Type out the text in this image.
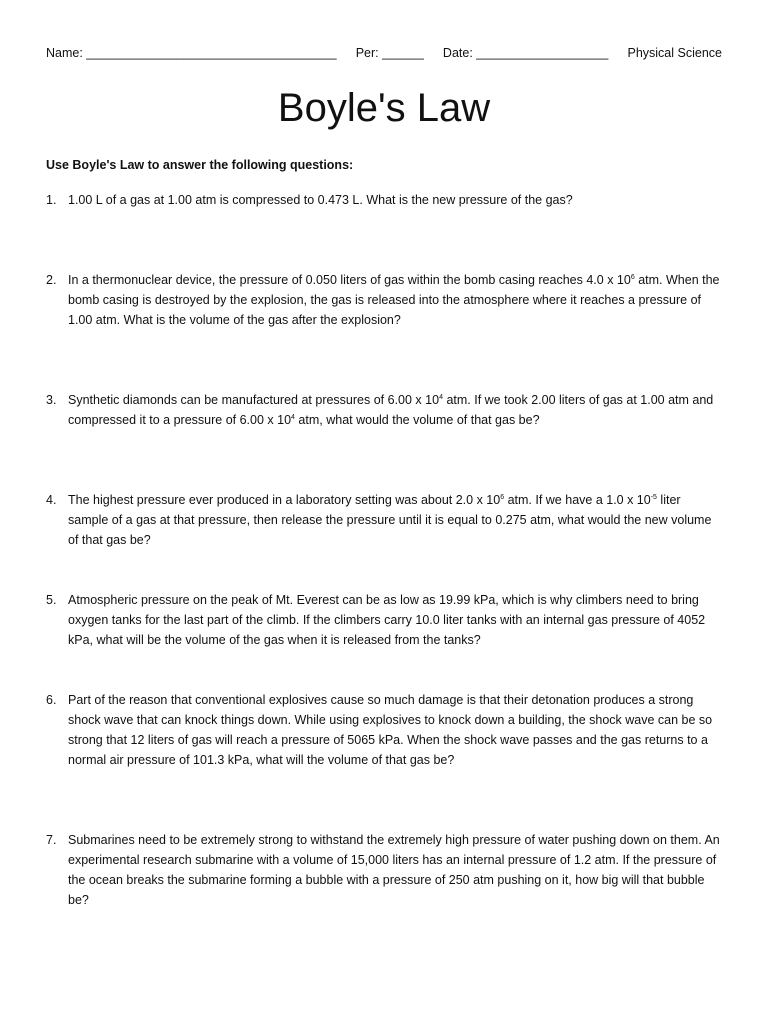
Name: ____________________________________ Per: ______ Date: ___________________ Physical Science
Boyle's Law
Use Boyle's Law to answer the following questions:
1. 1.00 L of a gas at 1.00 atm is compressed to 0.473 L. What is the new pressure of the gas?
2. In a thermonuclear device, the pressure of 0.050 liters of gas within the bomb casing reaches 4.0 x $10^6$ atm. When the bomb casing is destroyed by the explosion, the gas is released into the atmosphere where it reaches a pressure of 1.00 atm. What is the volume of the gas after the explosion?
3. Synthetic diamonds can be manufactured at pressures of 6.00 x $10^4$ atm. If we took 2.00 liters of gas at 1.00 atm and compressed it to a pressure of 6.00 x $10^4$ atm, what would the volume of that gas be?
4. The highest pressure ever produced in a laboratory setting was about 2.0 x $10^6$ atm. If we have a 1.0 x $10^{-5}$ liter sample of a gas at that pressure, then release the pressure until it is equal to 0.275 atm, what would the new volume of that gas be?
5. Atmospheric pressure on the peak of Mt. Everest can be as low as 19.99 kPa, which is why climbers need to bring oxygen tanks for the last part of the climb. If the climbers carry 10.0 liter tanks with an internal gas pressure of 4052 kPa, what will be the volume of the gas when it is released from the tanks?
6. Part of the reason that conventional explosives cause so much damage is that their detonation produces a strong shock wave that can knock things down. While using explosives to knock down a building, the shock wave can be so strong that 12 liters of gas will reach a pressure of 5065 kPa. When the shock wave passes and the gas returns to a normal air pressure of 101.3 kPa, what will the volume of that gas be?
7. Submarines need to be extremely strong to withstand the extremely high pressure of water pushing down on them. An experimental research submarine with a volume of 15,000 liters has an internal pressure of 1.2 atm. If the pressure of the ocean breaks the submarine forming a bubble with a pressure of 250 atm pushing on it, how big will that bubble be?
